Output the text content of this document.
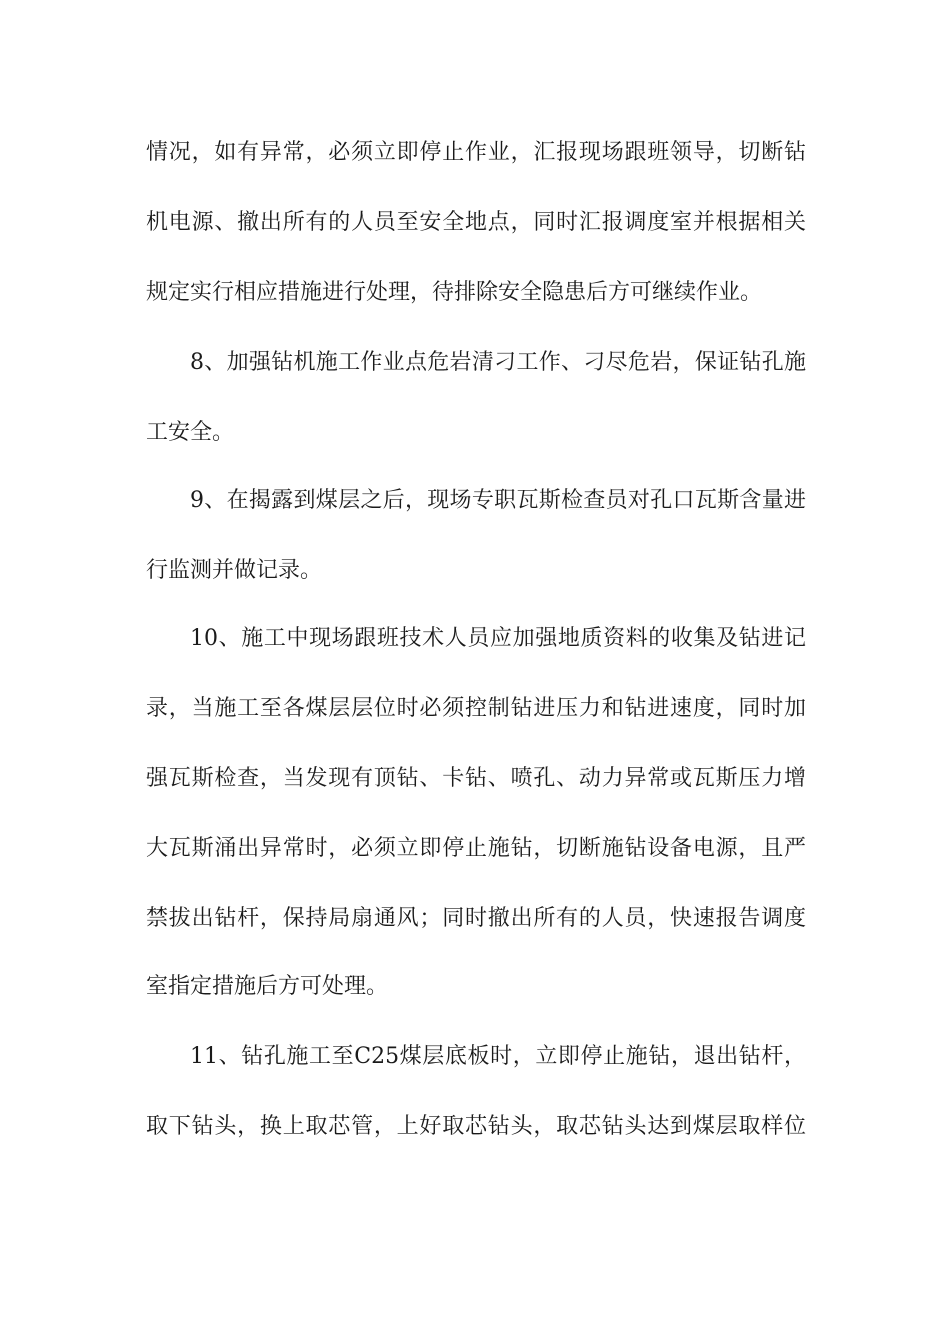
情况，如有异常，必须立即停止作业，汇报现场跟班领导，切断钻
机电源、撤出所有的人员至安全地点，同时汇报调度室并根据相关
规定实行相应措施进行处理，待排除安全隐患后方可继续作业。
8、加强钻机施工作业点危岩清刁工作、刁尽危岩，保证钻孔施
工安全。
9、在揭露到煤层之后，现场专职瓦斯检查员对孔口瓦斯含量进
行监测并做记录。
10、施工中现场跟班技术人员应加强地质资料的收集及钻进记
录，当施工至各煤层层位时必须控制钻进压力和钻进速度，同时加
强瓦斯检查，当发现有顶钻、卡钻、喷孔、动力异常或瓦斯压力增
大瓦斯涌出异常时，必须立即停止施钻，切断施钻设备电源，且严
禁拔出钻杆，保持局扇通风；同时撤出所有的人员，快速报告调度
室指定措施后方可处理。
11、钻孔施工至C25煤层底板时，立即停止施钻，退出钻杆，
取下钻头，换上取芯管，上好取芯钻头，取芯钻头达到煤层取样位
